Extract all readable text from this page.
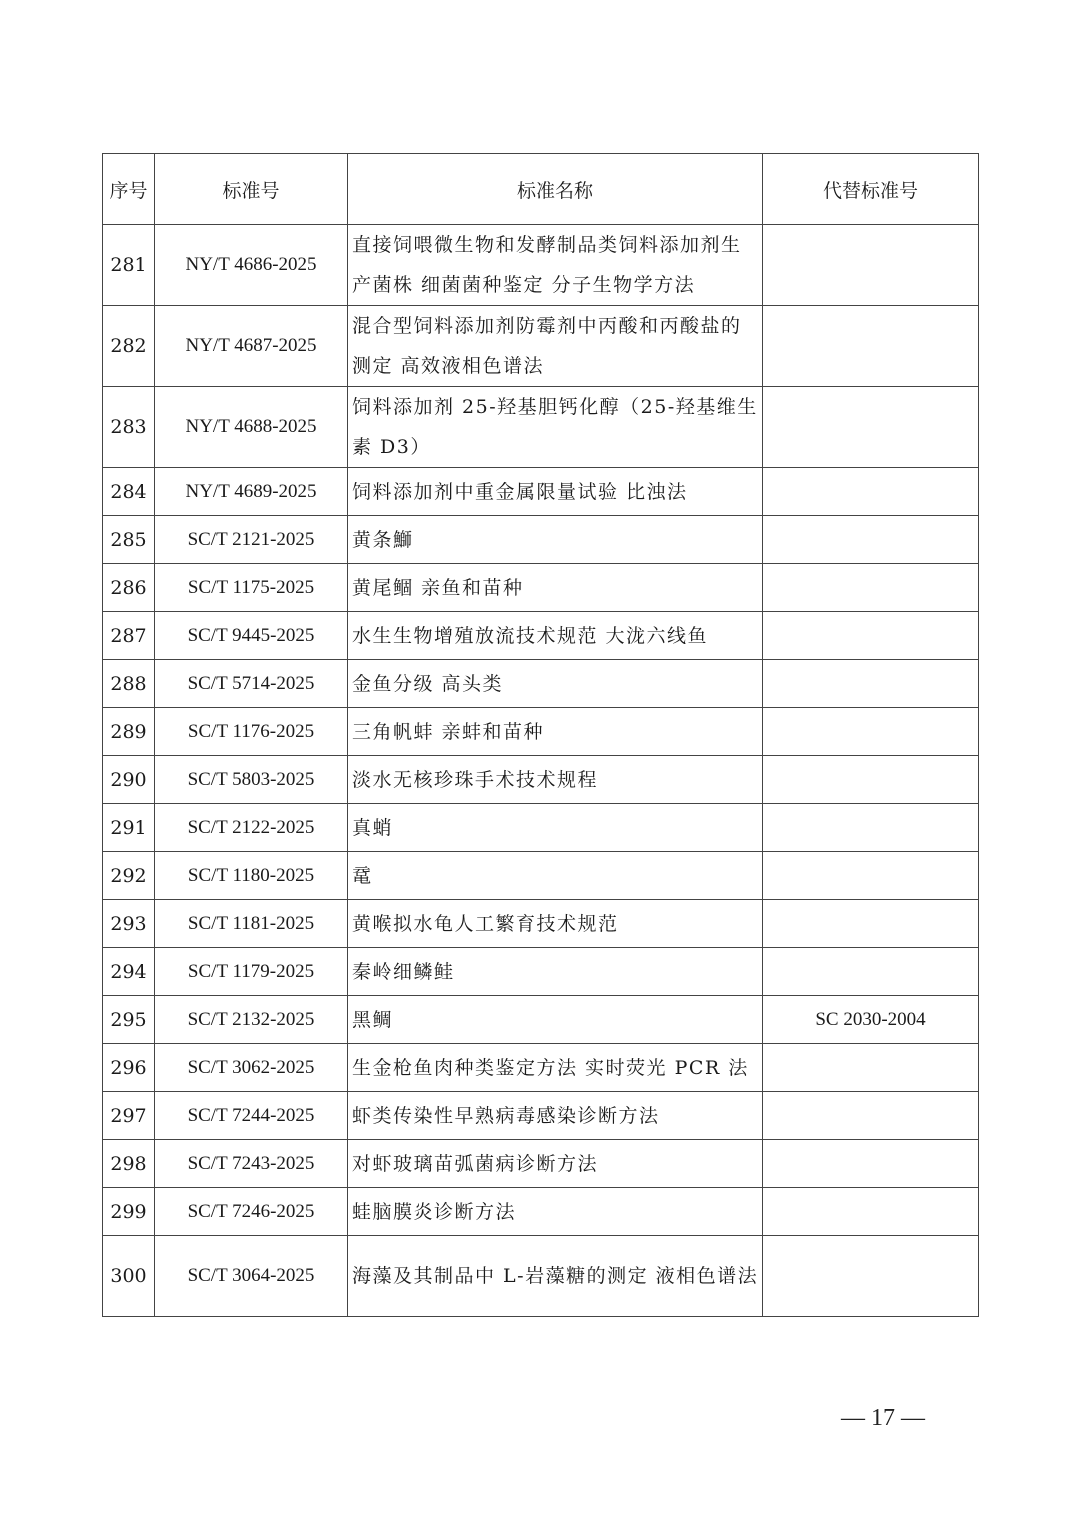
序号	标准号	标准名称	代替标准号
281	NY/T 4686-2025	直接饲喂微生物和发酵制品类饲料添加剂生产菌株 细菌菌种鉴定 分子生物学方法	
282	NY/T 4687-2025	混合型饲料添加剂防霉剂中丙酸和丙酸盐的测定 高效液相色谱法	
283	NY/T 4688-2025	饲料添加剂 25-羟基胆钙化醇（25-羟基维生素 D3）	
284	NY/T 4689-2025	饲料添加剂中重金属限量试验 比浊法	
285	SC/T 2121-2025	黄条鰤	
286	SC/T 1175-2025	黄尾鲴 亲鱼和苗种	
287	SC/T 9445-2025	水生生物增殖放流技术规范 大泷六线鱼	
288	SC/T 5714-2025	金鱼分级 高头类	
289	SC/T 1176-2025	三角帆蚌 亲蚌和苗种	
290	SC/T 5803-2025	淡水无核珍珠手术技术规程	
291	SC/T 2122-2025	真蛸	
292	SC/T 1180-2025	鼋	
293	SC/T 1181-2025	黄喉拟水龟人工繁育技术规范	
294	SC/T 1179-2025	秦岭细鳞鲑	
295	SC/T 2132-2025	黑鲷	SC 2030-2004
296	SC/T 3062-2025	生金枪鱼肉种类鉴定方法 实时荧光 PCR 法	
297	SC/T 7244-2025	虾类传染性早熟病毒感染诊断方法	
298	SC/T 7243-2025	对虾玻璃苗弧菌病诊断方法	
299	SC/T 7246-2025	蛙脑膜炎诊断方法	
300	SC/T 3064-2025	海藻及其制品中 L-岩藻糖的测定 液相色谱法	
— 17 —
